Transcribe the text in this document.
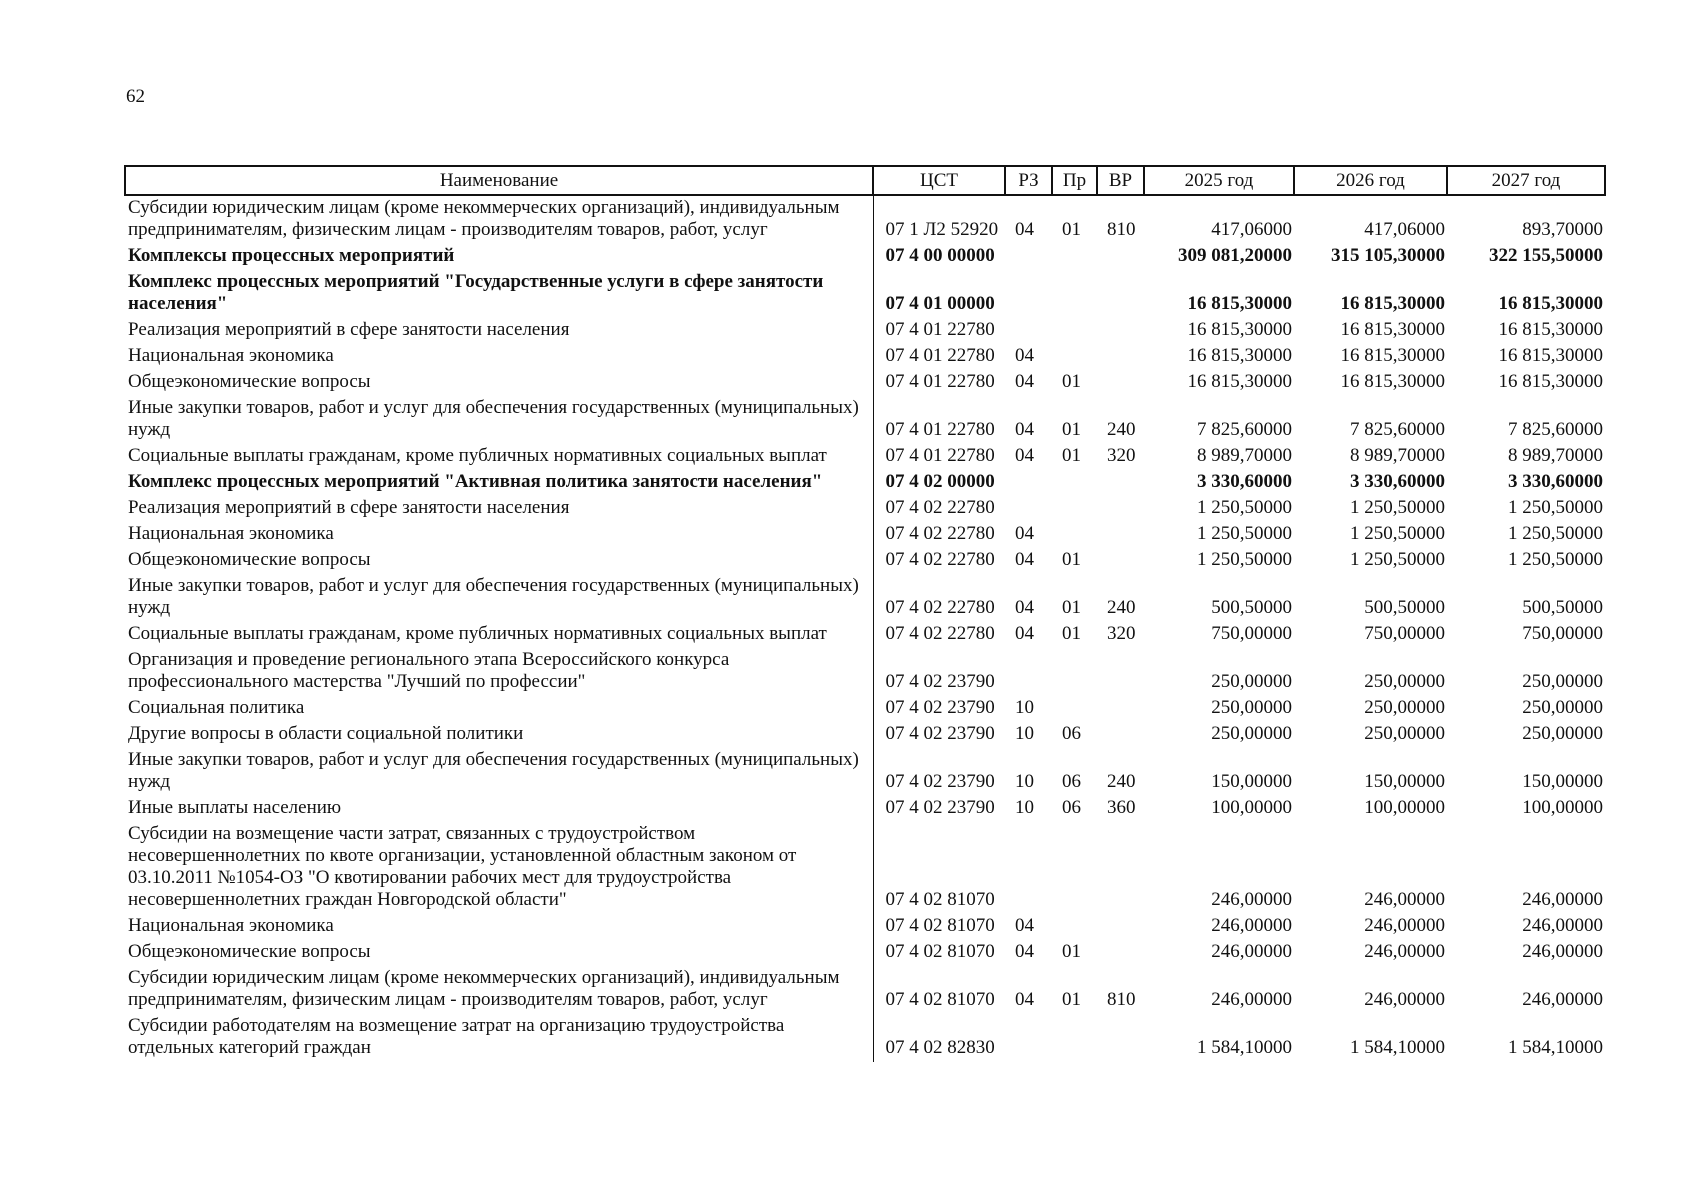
62
Наименование	ЦСТ	РЗ	Пр	ВР	2025 год	2026 год	2027 год
Субсидии юридическим лицам (кроме некоммерческих организаций), индивидуальным предпринимателям, физическим лицам - производителям товаров, работ, услуг	07 1 Л2 52920	04	01	810	417,06000	417,06000	893,70000
Комплексы процессных мероприятий	07 4 00 00000				309 081,20000	315 105,30000	322 155,50000
Комплекс процессных мероприятий "Государственные услуги в сфере занятости населения"	07 4 01 00000				16 815,30000	16 815,30000	16 815,30000
Реализация мероприятий в сфере занятости населения	07 4 01 22780				16 815,30000	16 815,30000	16 815,30000
Национальная экономика	07 4 01 22780	04			16 815,30000	16 815,30000	16 815,30000
Общеэкономические вопросы	07 4 01 22780	04	01		16 815,30000	16 815,30000	16 815,30000
Иные закупки товаров, работ и услуг для обеспечения государственных (муниципальных) нужд	07 4 01 22780	04	01	240	7 825,60000	7 825,60000	7 825,60000
Социальные выплаты гражданам, кроме публичных нормативных социальных выплат	07 4 01 22780	04	01	320	8 989,70000	8 989,70000	8 989,70000
Комплекс процессных мероприятий "Активная политика занятости населения"	07 4 02 00000				3 330,60000	3 330,60000	3 330,60000
Реализация мероприятий в сфере занятости населения	07 4 02 22780				1 250,50000	1 250,50000	1 250,50000
Национальная экономика	07 4 02 22780	04			1 250,50000	1 250,50000	1 250,50000
Общеэкономические вопросы	07 4 02 22780	04	01		1 250,50000	1 250,50000	1 250,50000
Иные закупки товаров, работ и услуг для обеспечения государственных (муниципальных) нужд	07 4 02 22780	04	01	240	500,50000	500,50000	500,50000
Социальные выплаты гражданам, кроме публичных нормативных социальных выплат	07 4 02 22780	04	01	320	750,00000	750,00000	750,00000
Организация и проведение регионального этапа Всероссийского конкурса профессионального мастерства "Лучший по профессии"	07 4 02 23790				250,00000	250,00000	250,00000
Социальная политика	07 4 02 23790	10			250,00000	250,00000	250,00000
Другие вопросы в области социальной политики	07 4 02 23790	10	06		250,00000	250,00000	250,00000
Иные закупки товаров, работ и услуг для обеспечения государственных (муниципальных) нужд	07 4 02 23790	10	06	240	150,00000	150,00000	150,00000
Иные выплаты населению	07 4 02 23790	10	06	360	100,00000	100,00000	100,00000
Субсидии на возмещение части затрат, связанных с трудоустройством несовершеннолетних по квоте организации, установленной областным законом от 03.10.2011 №1054-ОЗ "О квотировании рабочих мест для трудоустройства несовершеннолетних граждан Новгородской области"	07 4 02 81070				246,00000	246,00000	246,00000
Национальная экономика	07 4 02 81070	04			246,00000	246,00000	246,00000
Общеэкономические вопросы	07 4 02 81070	04	01		246,00000	246,00000	246,00000
Субсидии юридическим лицам (кроме некоммерческих организаций), индивидуальным предпринимателям, физическим лицам - производителям товаров, работ, услуг	07 4 02 81070	04	01	810	246,00000	246,00000	246,00000
Субсидии работодателям на возмещение затрат на организацию трудоустройства отдельных категорий граждан	07 4 02 82830				1 584,10000	1 584,10000	1 584,10000
